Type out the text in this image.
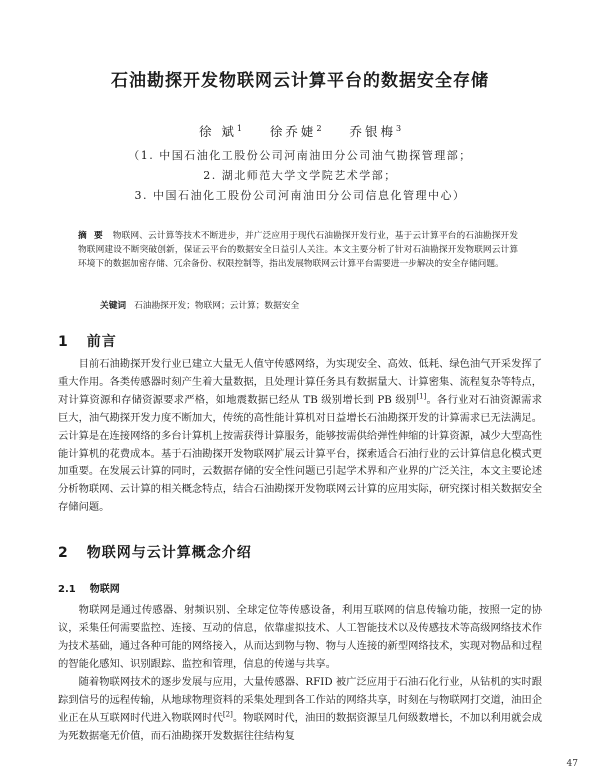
石油勘探开发物联网云计算平台的数据安全存储
徐 斌$^1$ 徐乔婕$^2$ 乔银梅$^3$
（1. 中国石油化工股份公司河南油田分公司油气勘探管理部；
2. 湖北师范大学文学院艺术学部；
3. 中国石油化工股份公司河南油田分公司信息化管理中心）
摘 要 物联网、云计算等技术不断进步，并广泛应用于现代石油勘探开发行业，基于云计算平台的石油勘探开发物联网建设不断突破创新，保证云平台的数据安全日益引人关注。本文主要分析了针对石油勘探开发物联网云计算环境下的数据加密存储、冗余备份、权限控制等，指出发展物联网云计算平台需要进一步解决的安全存储问题。
关键词 石油勘探开发；物联网；云计算；数据安全
1 前言

目前石油勘探开发行业已建立大量无人值守传感网络，为实现安全、高效、低耗、绿色油气开采发挥了重大作用。各类传感器时刻产生着大量数据，且处理计算任务具有数据量大、计算密集、流程复杂等特点，对计算资源和存储资源要求严格，如地震数据已经从 TB 级别增长到 PB 级别[1]。各行业对石油资源需求巨大，油气勘探开发力度不断加大，传统的高性能计算机对日益增长石油勘探开发的计算需求已无法满足。云计算是在连接网络的多台计算机上按需获得计算服务，能够按需供给弹性伸缩的计算资源，减少大型高性能计算机的花费成本。基于石油勘探开发物联网扩展云计算平台，探索适合石油行业的云计算信息化模式更加重要。在发展云计算的同时，云数据存储的安全性问题已引起学术界和产业界的广泛关注，本文主要论述分析物联网、云计算的相关概念特点，结合石油勘探开发物联网云计算的应用实际，研究探讨相关数据安全存储问题。

2 物联网与云计算概念介绍
2.1 物联网

物联网是通过传感器、射频识别、全球定位等传感设备，利用互联网的信息传输功能，按照一定的协议，采集任何需要监控、连接、互动的信息，依靠虚拟技术、人工智能技术以及传感技术等高级网络技术作为技术基础，通过各种可能的网络接入，从而达到物与物、物与人连接的新型网络技术，实现对物品和过程的智能化感知、识别跟踪、监控和管理，信息的传递与共享。

随着物联网技术的逐步发展与应用，大量传感器、RFID 被广泛应用于石油石化行业，从钻机的实时跟踪到信号的远程传输，从地球物理资料的采集处理到各工作站的网络共享，时刻在与物联网打交道，油田企业正在从互联网时代进入物联网时代[2]。物联网时代，油田的数据资源呈几何级数增长，不加以利用就会成为死数据毫无价值，而石油勘探开发数据往往结构复

47
